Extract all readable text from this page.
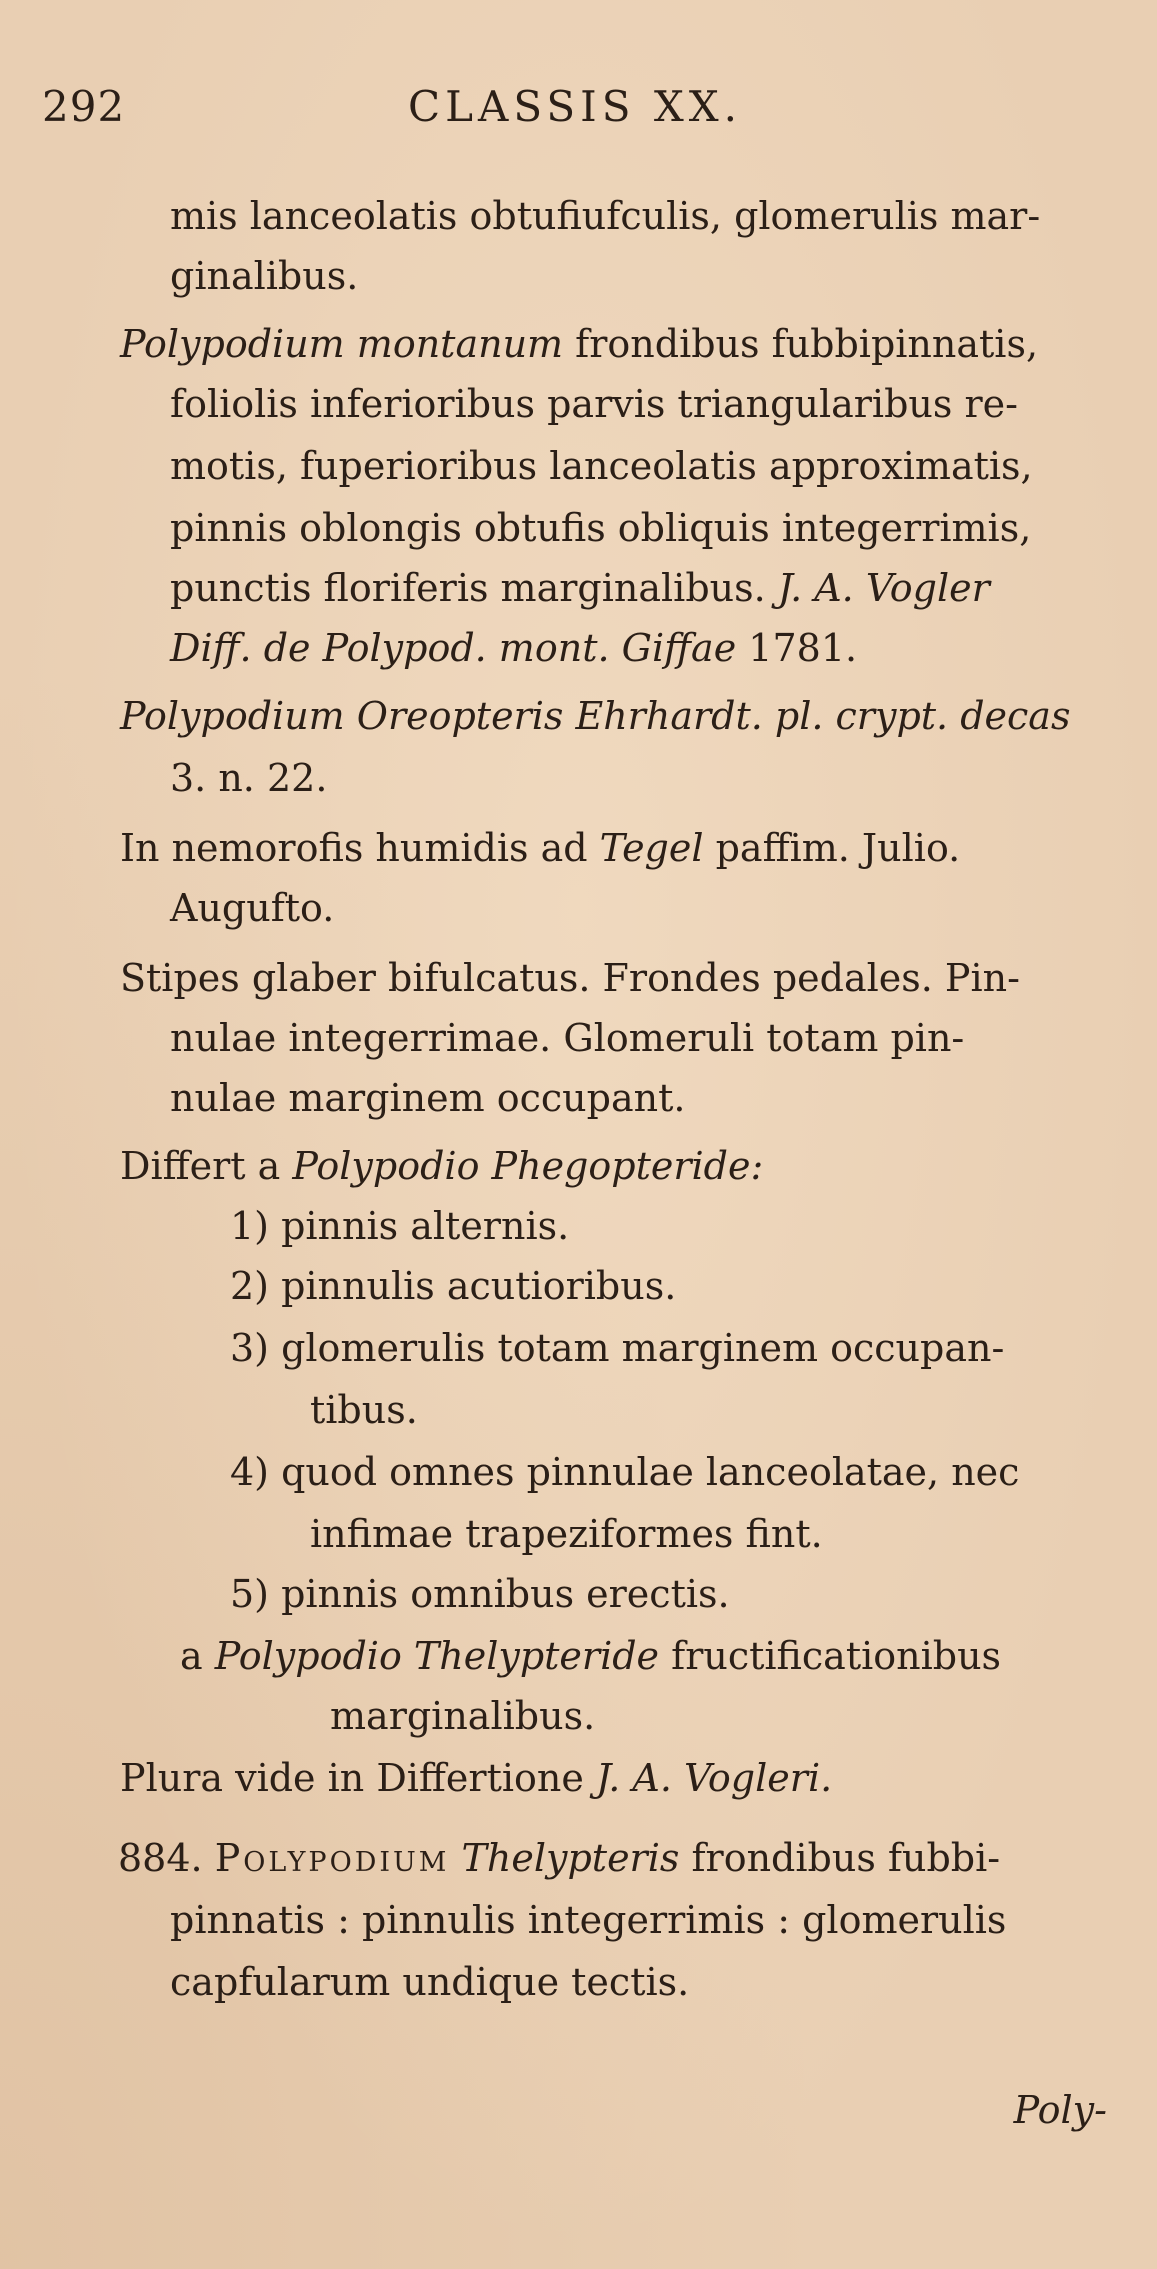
292	CLASSIS XX.
mis lanceolatis obtufiufculis, glomerulis mar-
ginalibus.
Polypodium montanum frondibus fubbipinnatis,
foliolis inferioribus parvis triangularibus re-
motis, fuperioribus lanceolatis approximatis,
pinnis oblongis obtufis obliquis integerrimis,
punctis floriferis marginalibus. J. A. Vogler
Diff. de Polypod. mont. Giffae 1781.
Polypodium Oreopteris Ehrhardt. pl. crypt. decas
3. n. 22.
In nemorofis humidis ad Tegel paffim. Julio.
Augufto.
Stipes glaber bifulcatus. Frondes pedales. Pin-
nulae integerrimae. Glomeruli totam pin-
nulae marginem occupant.
Differt a Polypodio Phegopteride:
1) pinnis alternis.
2) pinnulis acutioribus.
3) glomerulis totam marginem occupan-
tibus.
4) quod omnes pinnulae lanceolatae, nec
infimae trapeziformes fint.
5) pinnis omnibus erectis.
a Polypodio Thelypteride fructificationibus
marginalibus.
Plura vide in Differtione J. A. Vogleri.
884. Polypodium Thelypteris frondibus fubbi-
pinnatis : pinnulis integerrimis : glomerulis
capfularum undique tectis.
Poly-
